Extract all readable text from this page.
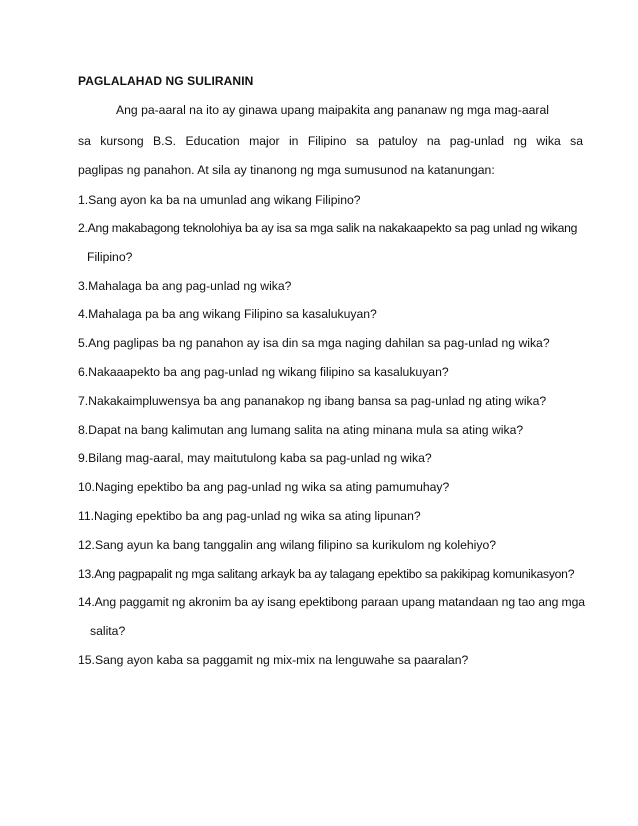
PAGLALAHAD NG SULIRANIN
Ang pa-aaral na ito ay ginawa upang maipakita ang pananaw ng mga mag-aaral
sa kursong B.S. Education major in Filipino sa patuloy na pag-unlad ng wika sa
paglipas ng panahon. At sila ay tinanong ng mga sumusunod na katanungan:
1.Sang ayon ka ba na umunlad ang wikang Filipino?
2.Ang makabagong teknolohiya ba ay isa sa mga salik na nakakaapekto sa pag unlad ng wikang
Filipino?
3.Mahalaga ba ang pag-unlad ng wika?
4.Mahalaga pa ba ang wikang Filipino sa kasalukuyan?
5.Ang paglipas ba ng panahon ay isa din sa mga naging dahilan sa pag-unlad ng wika?
6.Nakaaapekto ba ang pag-unlad ng wikang filipino sa kasalukuyan?
7.Nakakaimpluwensya ba ang pananakop ng ibang bansa sa pag-unlad ng ating wika?
8.Dapat na bang kalimutan ang lumang salita na ating minana mula sa ating wika?
9.Bilang mag-aaral, may maitutulong kaba sa pag-unlad ng wika?
10.Naging epektibo ba ang pag-unlad ng wika sa ating pamumuhay?
11.Naging epektibo ba ang pag-unlad ng wika sa ating lipunan?
12.Sang ayun ka bang tanggalin ang wilang filipino sa kurikulom ng kolehiyo?
13.Ang pagpapalit ng mga salitang arkayk ba ay talagang epektibo sa pakikipag komunikasyon?
14.Ang paggamit ng akronim ba ay isang epektibong paraan upang matandaan ng tao ang mga
salita?
15.Sang ayon kaba sa paggamit ng mix-mix na lenguwahe sa paaralan?
